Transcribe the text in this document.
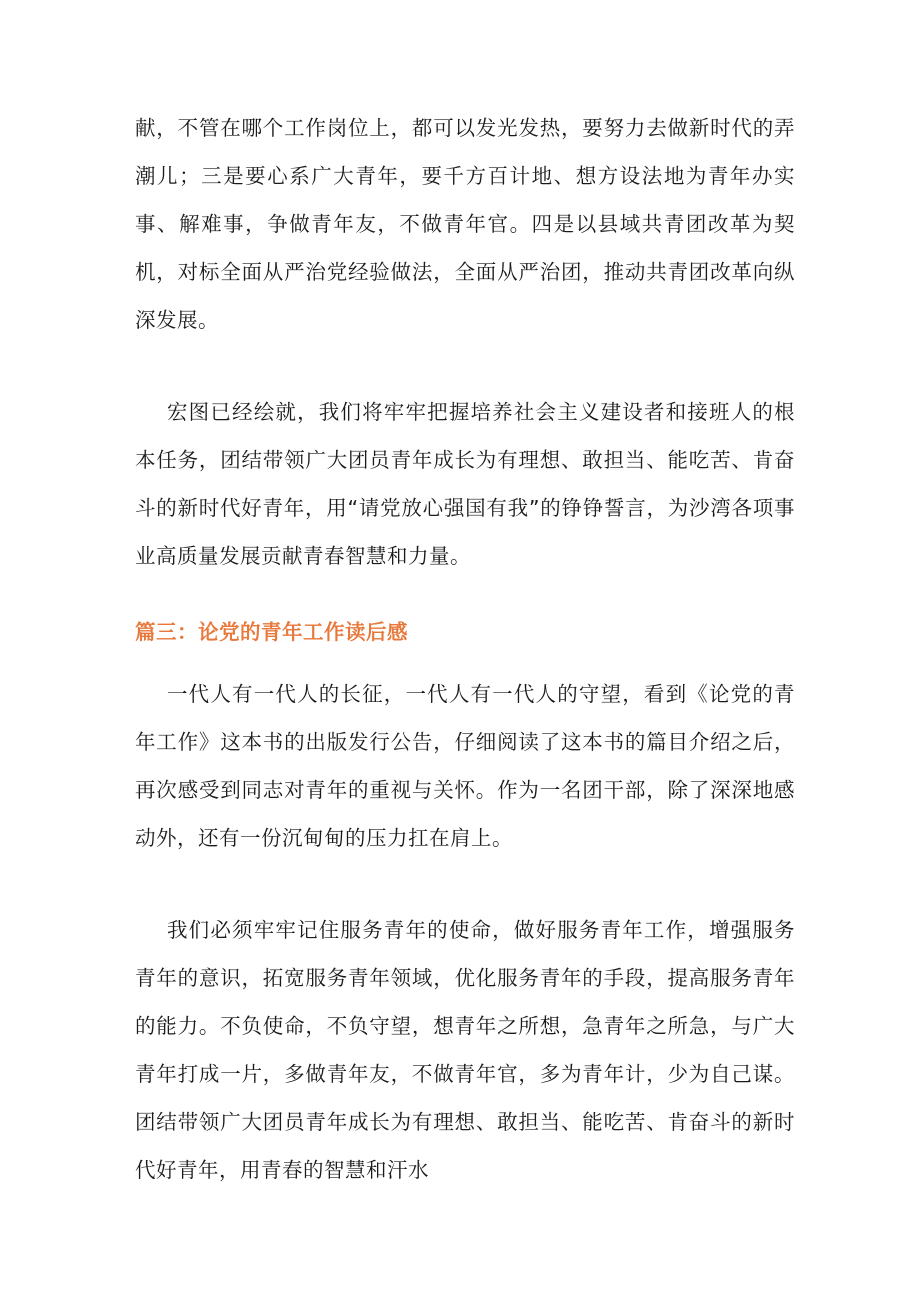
献，不管在哪个工作岗位上，都可以发光发热，要努力去做新时代的弄潮儿；三是要心系广大青年，要千方百计地、想方设法地为青年办实事、解难事，争做青年友，不做青年官。四是以县域共青团改革为契机，对标全面从严治党经验做法，全面从严治团，推动共青团改革向纵深发展。

宏图已经绘就，我们将牢牢把握培养社会主义建设者和接班人的根本任务，团结带领广大团员青年成长为有理想、敢担当、能吃苦、肯奋斗的新时代好青年，用“请党放心强国有我”的铮铮誓言，为沙湾各项事业高质量发展贡献青春智慧和力量。

篇三：论党的青年工作读后感

一代人有一代人的长征，一代人有一代人的守望，看到《论党的青年工作》这本书的出版发行公告，仔细阅读了这本书的篇目介绍之后，再次感受到同志对青年的重视与关怀。作为一名团干部，除了深深地感动外，还有一份沉甸甸的压力扛在肩上。

我们必须牢牢记住服务青年的使命，做好服务青年工作，增强服务青年的意识，拓宽服务青年领域，优化服务青年的手段，提高服务青年的能力。不负使命，不负守望，想青年之所想，急青年之所急，与广大青年打成一片，多做青年友，不做青年官，多为青年计，少为自己谋。团结带领广大团员青年成长为有理想、敢担当、能吃苦、肯奋斗的新时代好青年，用青春的智慧和汗水
